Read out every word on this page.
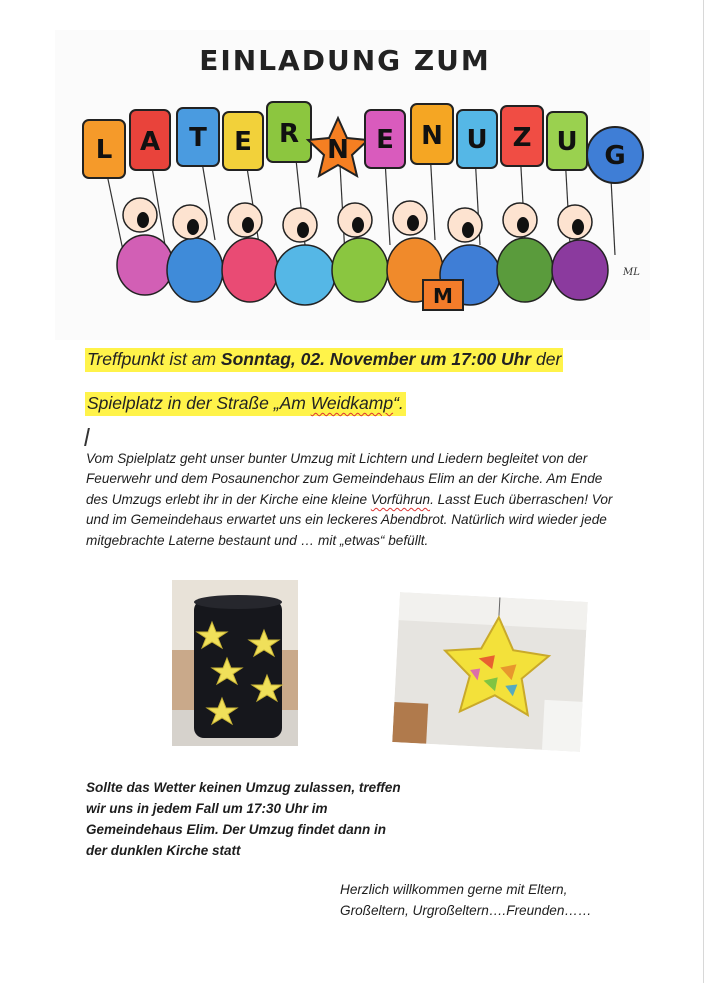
EINLADUNG ZUM
L A T E R
N E N U Z U G
M
ML
Treffpunkt ist am Sonntag, 02. November um 17:00 Uhr der
Spielplatz in der Straße „Am Weidkamp“.
Vom Spielplatz geht unser bunter Umzug mit Lichtern und Liedern begleitet von der Feuerwehr und dem Posaunenchor zum Gemeindehaus Elim an der Kirche. Am Ende des Umzugs erlebt ihr in der Kirche eine kleine Vorführun. Lasst Euch überraschen! Vor und im Gemeindehaus erwartet uns ein leckeres Abendbrot. Natürlich wird wieder jede mitgebrachte Laterne bestaunt und … mit „etwas“ befüllt.
Sollte das Wetter keinen Umzug zulassen, treffen wir uns in jedem Fall um 17:30 Uhr im Gemeindehaus Elim. Der Umzug findet dann in der dunklen Kirche statt
Herzlich willkommen gerne mit Eltern,
Großeltern, Urgroßeltern….Freunden……
